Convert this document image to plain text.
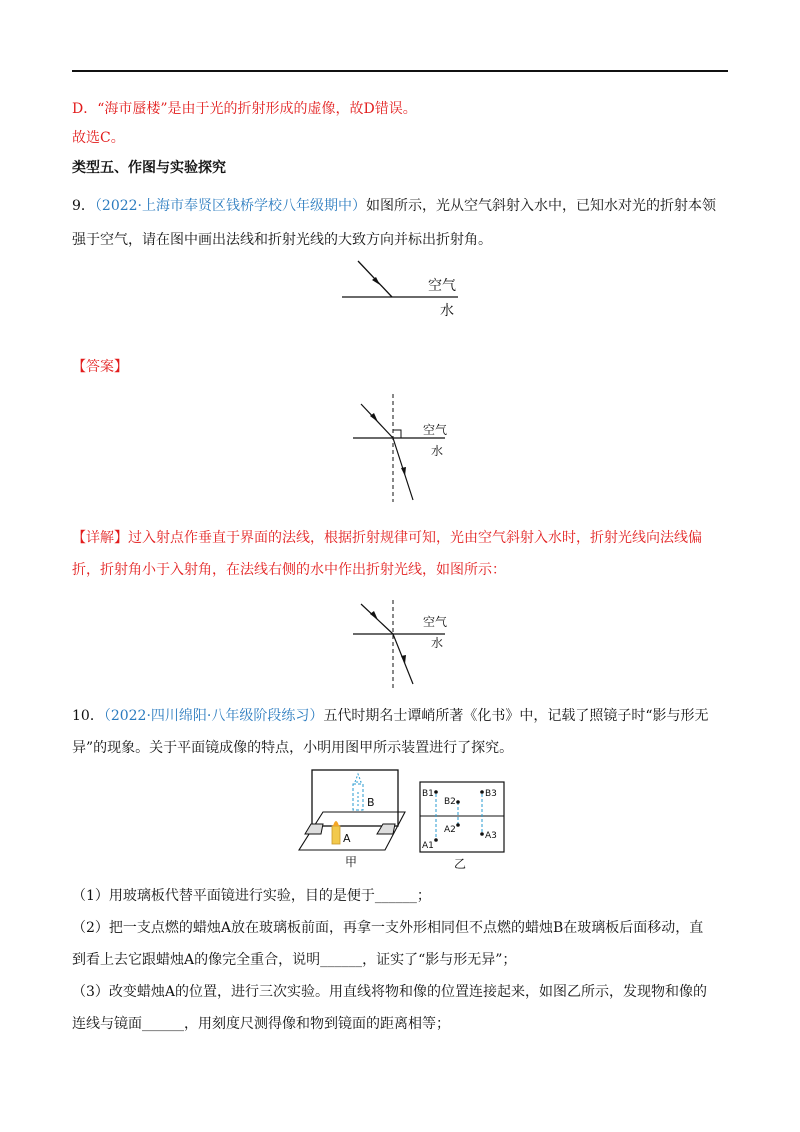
D．“海市蜃楼”是由于光的折射形成的虚像，故D错误。
故选C。
类型五、作图与实验探究
9．（2022·上海市奉贤区钱桥学校八年级期中）如图所示，光从空气斜射入水中，已知水对光的折射本领
强于空气，请在图中画出法线和折射光线的大致方向并标出折射角。
空气
水
【答案】
空气
水
【详解】过入射点作垂直于界面的法线，根据折射规律可知，光由空气斜射入水时，折射光线向法线偏
折，折射角小于入射角，在法线右侧的水中作出折射光线，如图所示：
空气
水
10．（2022·四川绵阳·八年级阶段练习）五代时期名士谭峭所著《化书》中，记载了照镜子时“影与形无
异”的现象。关于平面镜成像的特点，小明用图甲所示装置进行了探究。
B
A
甲
B1
B2
B3
A1
A2
A3
乙
（1）用玻璃板代替平面镜进行实验，目的是便于______；
（2）把一支点燃的蜡烛A放在玻璃板前面，再拿一支外形相同但不点燃的蜡烛B在玻璃板后面移动，直
到看上去它跟蜡烛A的像完全重合，说明______，证实了“影与形无异”；
（3）改变蜡烛A的位置，进行三次实验。用直线将物和像的位置连接起来，如图乙所示，发现物和像的
连线与镜面______，用刻度尺测得像和物到镜面的距离相等；
